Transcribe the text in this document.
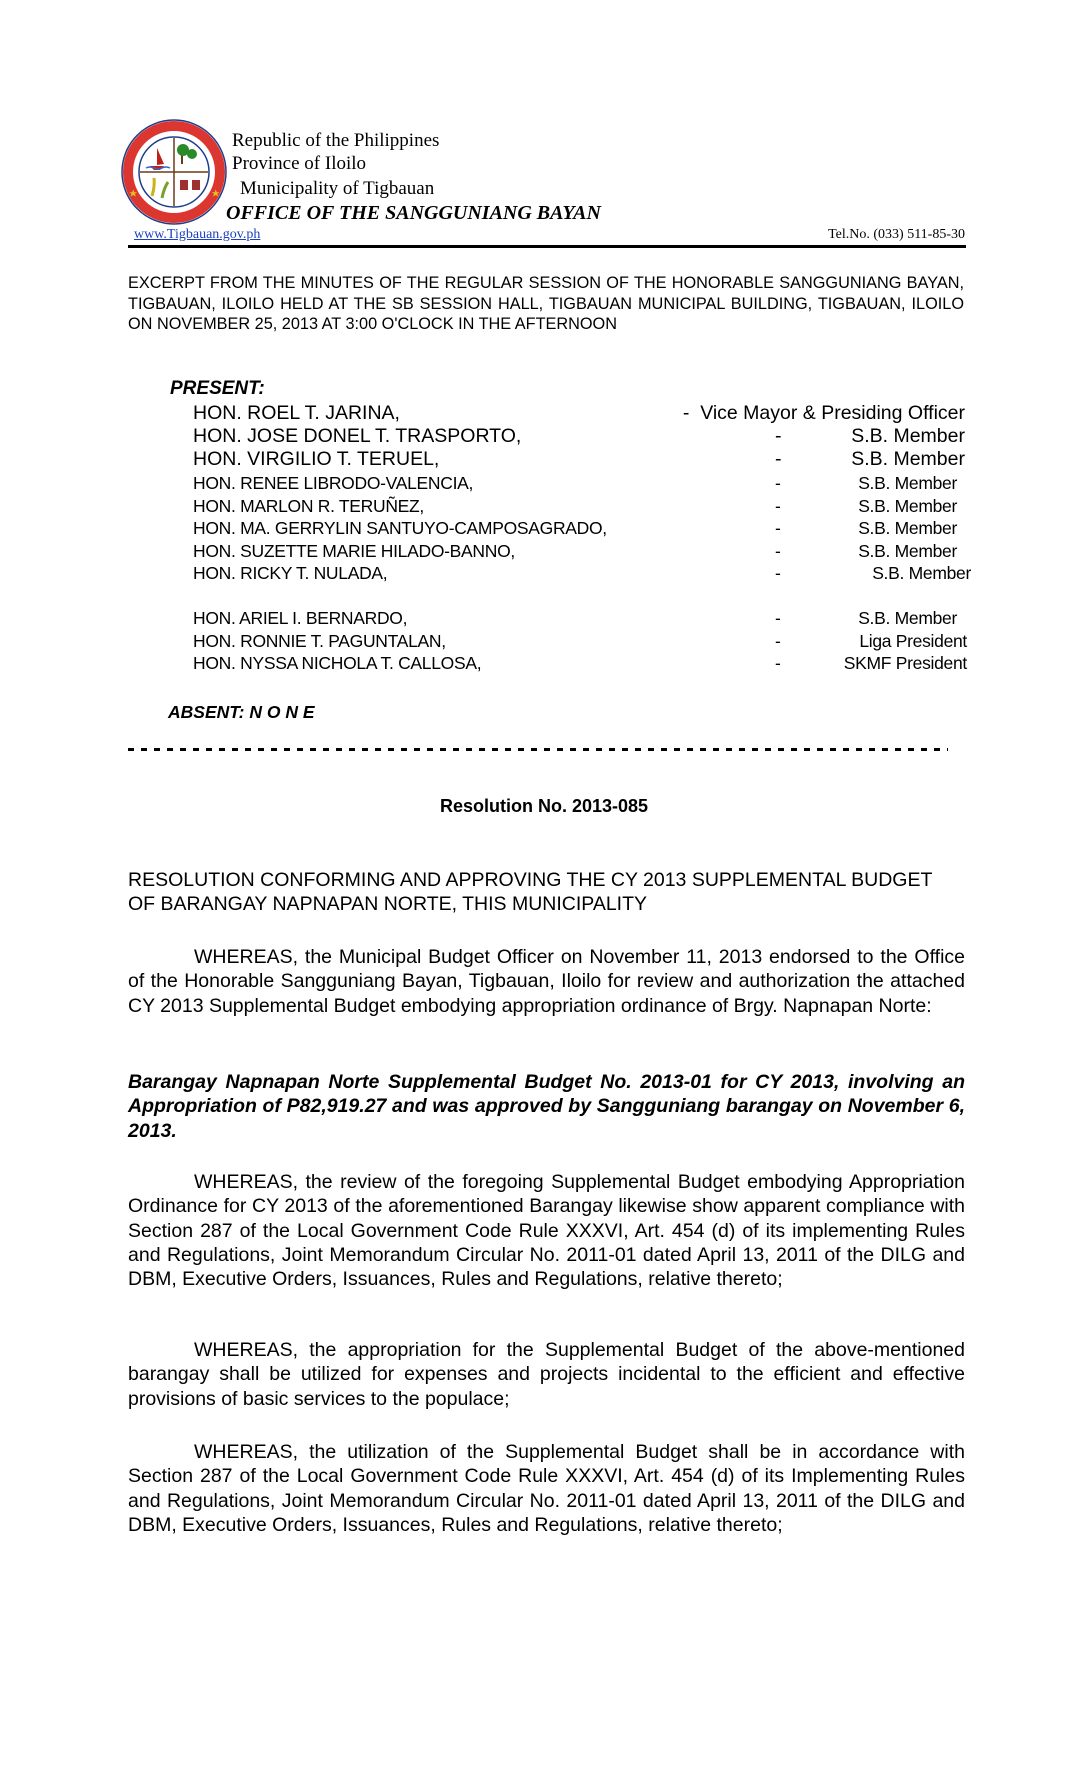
Republic of the Philippines
Province of Iloilo
Municipality of Tigbauan
OFFICE OF THE SANGGUNIANG BAYAN
www.Tigbauan.gov.ph	Tel.No. (033) 511-85-30
EXCERPT FROM THE MINUTES OF THE REGULAR SESSION OF THE HONORABLE SANGGUNIANG BAYAN, TIGBAUAN, ILOILO HELD AT THE SB SESSION HALL, TIGBAUAN MUNICIPAL BUILDING, TIGBAUAN, ILOILO ON NOVEMBER 25, 2013 AT 3:00 O'CLOCK IN THE AFTERNOON
PRESENT:
HON. ROEL T. JARINA,	- Vice Mayor & Presiding Officer
HON. JOSE DONEL T. TRASPORTO,	-	S.B. Member
HON. VIRGILIO T. TERUEL,	-	S.B. Member
HON. RENEE LIBRODO-VALENCIA,	-	S.B. Member
HON. MARLON R. TERUÑEZ,	-	S.B. Member
HON. MA. GERRYLIN SANTUYO-CAMPOSAGRADO,	-	S.B. Member
HON. SUZETTE MARIE HILADO-BANNO,	-	S.B. Member
HON. RICKY T. NULADA,	-	S.B. Member
HON. ARIEL I. BERNARDO,	-	S.B. Member
HON. RONNIE T. PAGUNTALAN,	-	Liga President
HON. NYSSA NICHOLA T. CALLOSA,	-	SKMF President
ABSENT: N O N E
Resolution No. 2013-085
RESOLUTION CONFORMING AND APPROVING THE CY 2013 SUPPLEMENTAL BUDGET OF BARANGAY NAPNAPAN NORTE, THIS MUNICIPALITY
WHEREAS, the Municipal Budget Officer on November 11, 2013 endorsed to the Office of the Honorable Sangguniang Bayan, Tigbauan, Iloilo for review and authorization the attached CY 2013 Supplemental Budget embodying appropriation ordinance of Brgy. Napnapan Norte:
Barangay Napnapan Norte Supplemental Budget No. 2013-01 for CY 2013, involving an Appropriation of P82,919.27 and was approved by Sangguniang barangay on November 6, 2013.
WHEREAS, the review of the foregoing Supplemental Budget embodying Appropriation Ordinance for CY 2013 of the aforementioned Barangay likewise show apparent compliance with Section 287 of the Local Government Code Rule XXXVI, Art. 454 (d) of its implementing Rules and Regulations, Joint Memorandum Circular No. 2011-01 dated April 13, 2011 of the DILG and DBM, Executive Orders, Issuances, Rules and Regulations, relative thereto;
WHEREAS, the appropriation for the Supplemental Budget of the above-mentioned barangay shall be utilized for expenses and projects incidental to the efficient and effective provisions of basic services to the populace;
WHEREAS, the utilization of the Supplemental Budget shall be in accordance with Section 287 of the Local Government Code Rule XXXVI, Art. 454 (d) of its Implementing Rules and Regulations, Joint Memorandum Circular No. 2011-01 dated April 13, 2011 of the DILG and DBM, Executive Orders, Issuances, Rules and Regulations, relative thereto;
